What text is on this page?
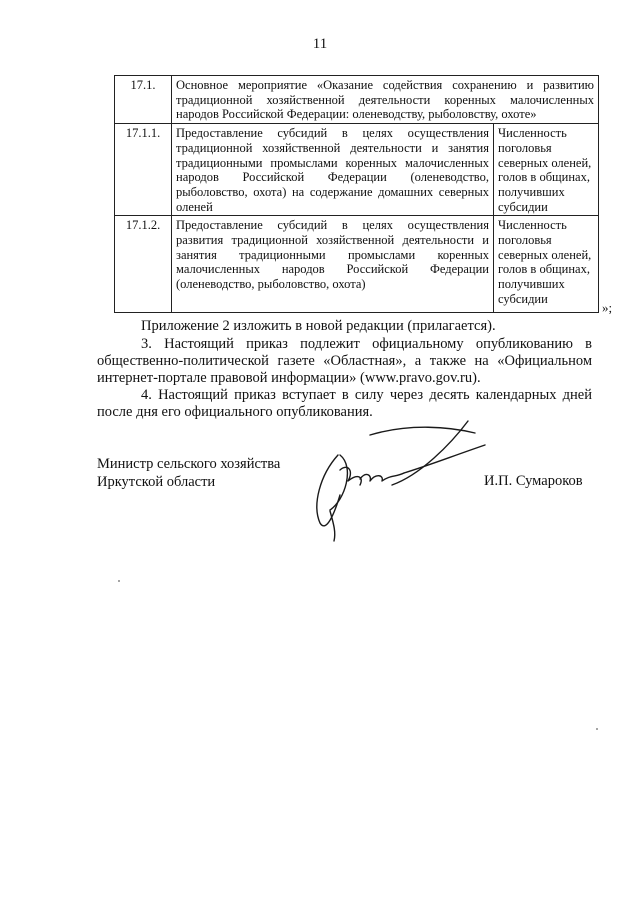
11
17.1.	Основное мероприятие «Оказание содействия сохранению и развитию традиционной хозяйственной деятельности коренных малочисленных народов Российской Федерации: оленеводству, рыболовству, охоте»	
17.1.1.	Предоставление субсидий в целях осуществления традиционной хозяйственной деятельности и занятия традиционными промыслами коренных малочисленных народов Российской Федерации (оленеводство, рыболовство, охота) на содержание домашних северных оленей	Численность поголовья северных оленей, голов в общинах, получивших субсидии
17.1.2.	Предоставление субсидий в целях осуществления развития традиционной хозяйственной деятельности и занятия традиционными промыслами коренных малочисленных народов Российской Федерации (оленеводство, рыболовство, охота)	Численность поголовья северных оленей, голов в общинах, получивших субсидии
»;
Приложение 2 изложить в новой редакции (прилагается).
3. Настоящий приказ подлежит официальному опубликованию в общественно-политической газете «Областная», а также на «Официальном интернет-портале правовой информации» (www.pravo.gov.ru).
4. Настоящий приказ вступает в силу через десять календарных дней после дня его официального опубликования.
Министр сельского хозяйства
Иркутской области	И.П. Сумароков
